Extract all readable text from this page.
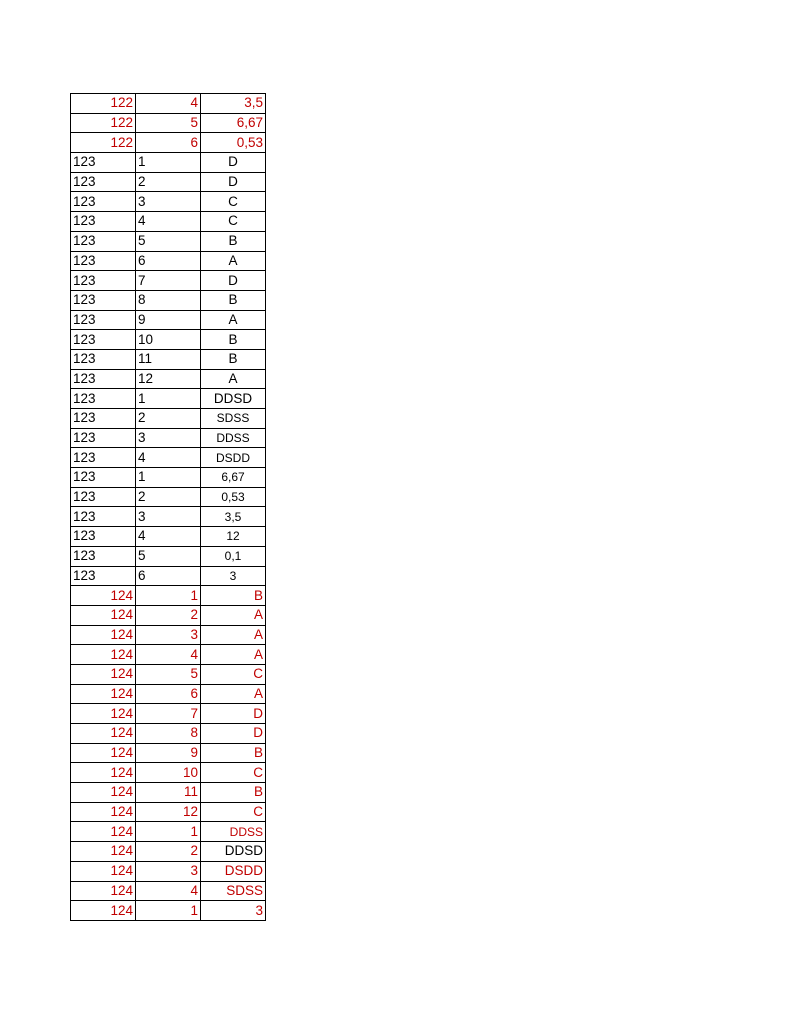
122	4	3,5
122	5	6,67
122	6	0,53
123	1	D
123	2	D
123	3	C
123	4	C
123	5	B
123	6	A
123	7	D
123	8	B
123	9	A
123	10	B
123	11	B
123	12	A
123	1	DDSD
123	2	SDSS
123	3	DDSS
123	4	DSDD
123	1	6,67
123	2	0,53
123	3	3,5
123	4	12
123	5	0,1
123	6	3
124	1	B
124	2	A
124	3	A
124	4	A
124	5	C
124	6	A
124	7	D
124	8	D
124	9	B
124	10	C
124	11	B
124	12	C
124	1	DDSS
124	2	DDSD
124	3	DSDD
124	4	SDSS
124	1	3
